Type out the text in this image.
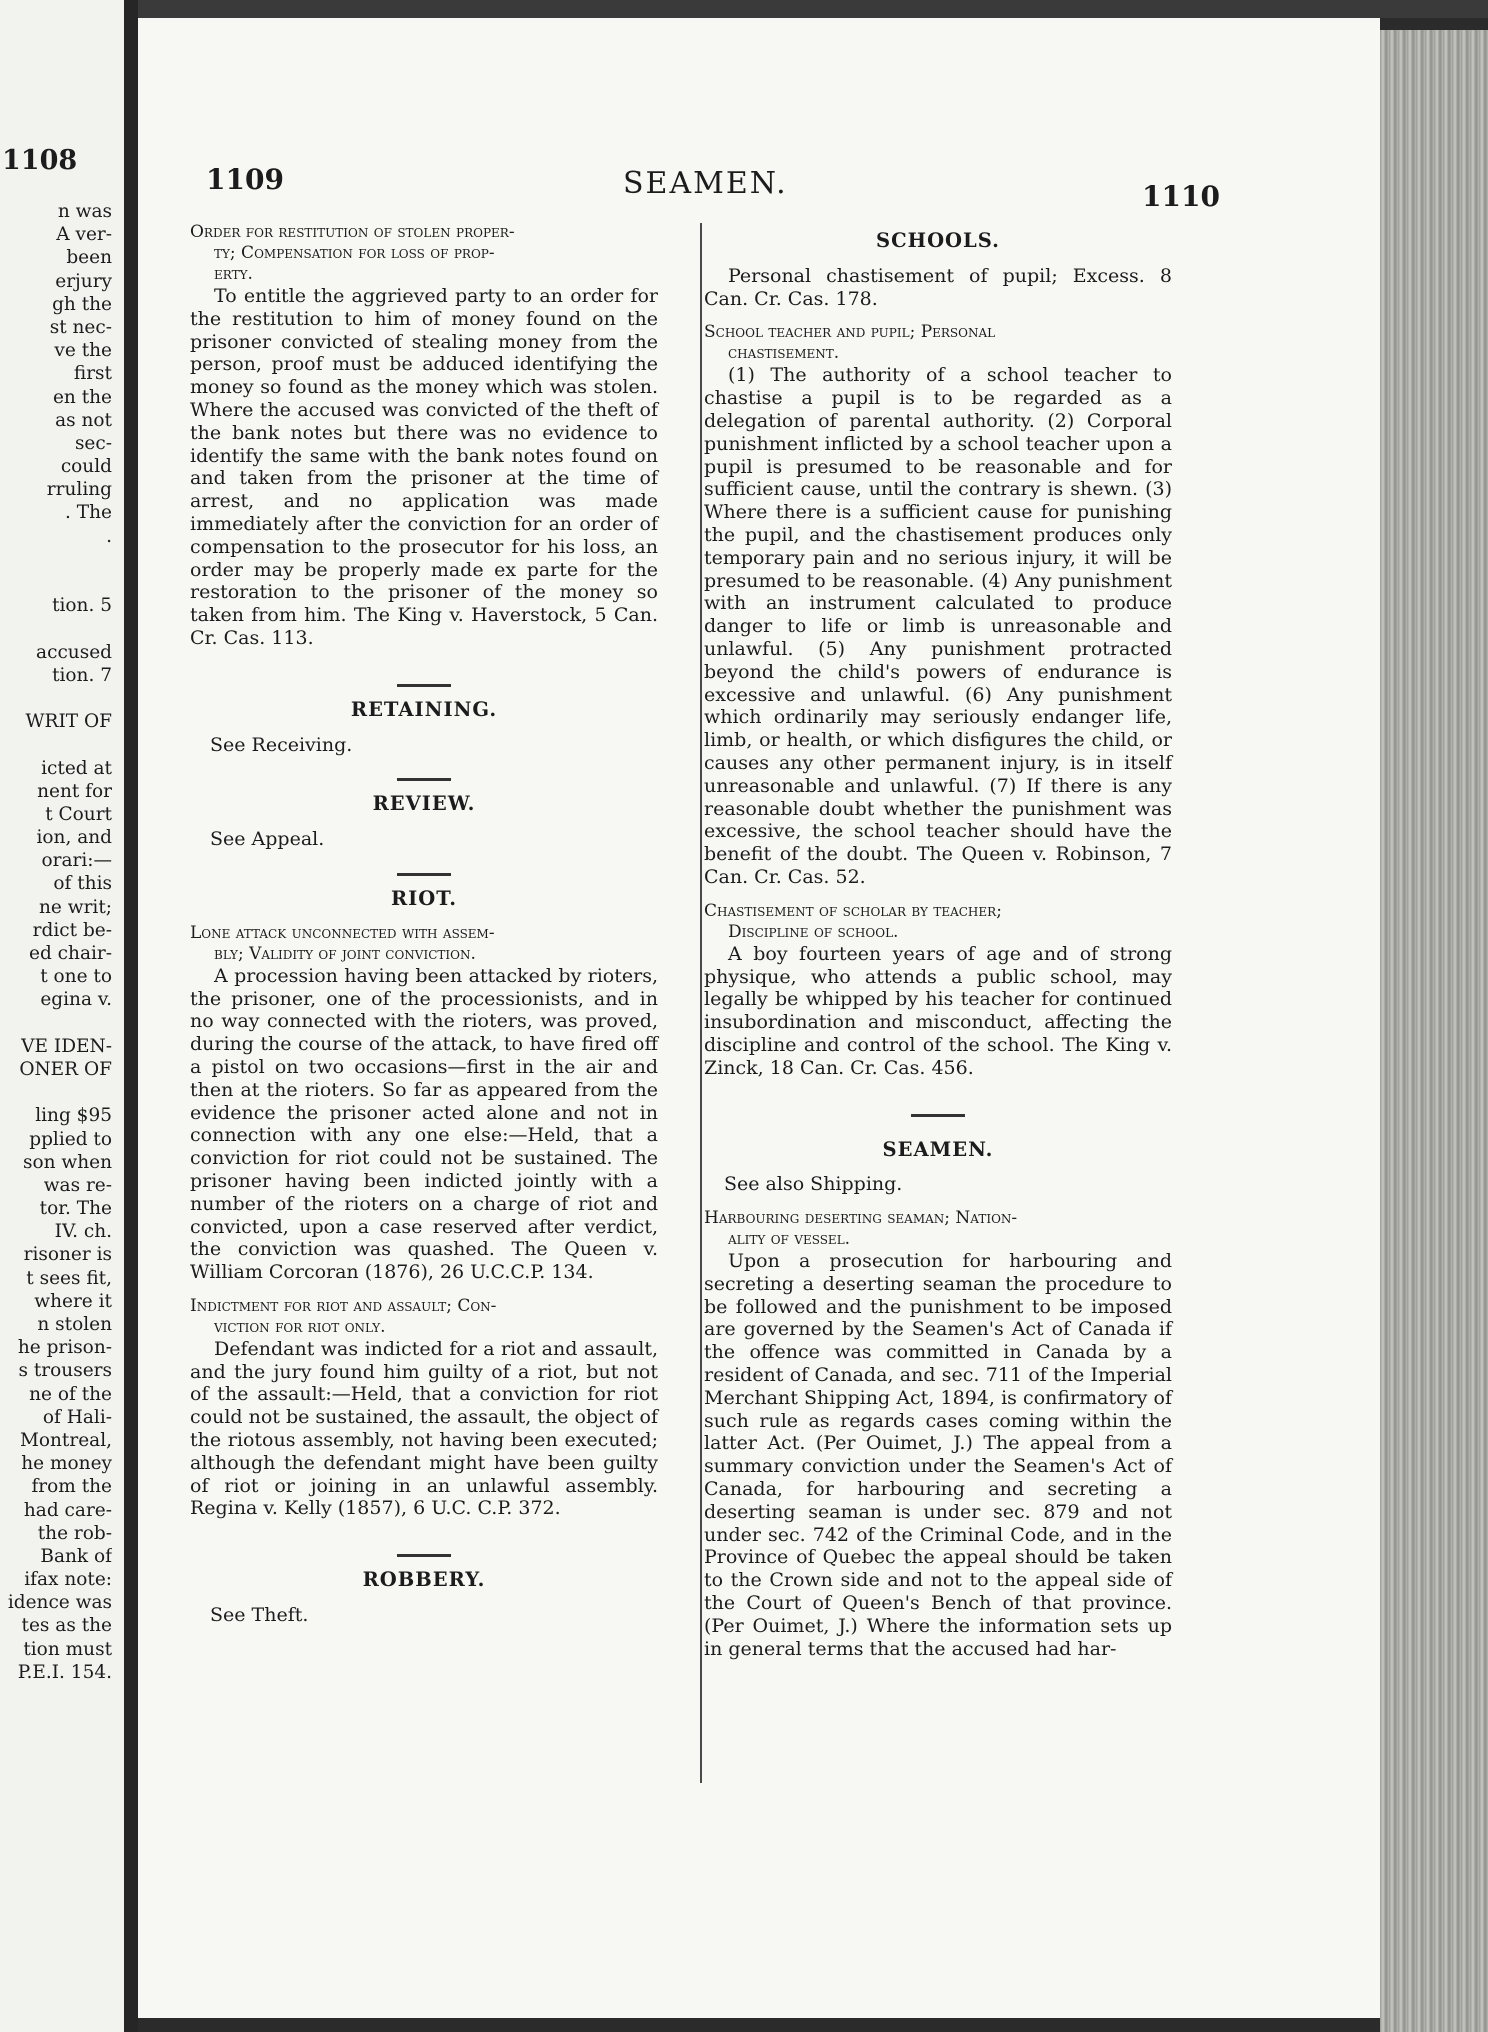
1108
n was
A ver-
been
erjury
gh the
st nec-
ve the
first
en the
as not
sec-
could
rruling
. The
.
tion. 5
accused
tion. 7
WRIT OF
icted at
nent for
t Court
ion, and
orari:—
of this
ne writ;
rdict be-
ed chair-
t one to
egina v.
VE IDEN-
ONER OF
ling $95
pplied to
son when
was re-
tor. The
IV. ch.
risoner is
t sees fit,
where it
n stolen
he prison-
s trousers
ne of the
of Hali-
Montreal,
he money
from the
had care-
the rob-
Bank of
ifax note:
idence was
tes as the
tion must
P.E.I. 154.
1109	SEAMEN.	1110

Order for restitution of stolen proper-
ty; Compensation for loss of prop-
erty.

To entitle the aggrieved party to an order for the restitution to him of money found on the prisoner convicted of stealing money from the person, proof must be adduced identifying the money so found as the money which was stolen. Where the accused was convicted of the theft of the bank notes but there was no evidence to identify the same with the bank notes found on and taken from the prisoner at the time of arrest, and no application was made immediately after the conviction for an order of compensation to the prosecutor for his loss, an order may be properly made ex parte for the restoration to the prisoner of the money so taken from him. The King v. Haverstock, 5 Can. Cr. Cas. 113.

RETAINING.

See Receiving.

REVIEW.

See Appeal.

RIOT.

Lone attack unconnected with assem-
bly; Validity of joint conviction.

A procession having been attacked by rioters, the prisoner, one of the processionists, and in no way connected with the rioters, was proved, during the course of the attack, to have fired off a pistol on two occasions—first in the air and then at the rioters. So far as appeared from the evidence the prisoner acted alone and not in connection with any one else:—Held, that a conviction for riot could not be sustained. The prisoner having been indicted jointly with a number of the rioters on a charge of riot and convicted, upon a case reserved after verdict, the conviction was quashed. The Queen v. William Corcoran (1876), 26 U.C.C.P. 134.

Indictment for riot and assault; Con-
viction for riot only.

Defendant was indicted for a riot and assault, and the jury found him guilty of a riot, but not of the assault:—Held, that a conviction for riot could not be sustained, the assault, the object of the riotous assembly, not having been executed; although the defendant might have been guilty of riot or joining in an unlawful assembly. Regina v. Kelly (1857), 6 U.C. C.P. 372.

ROBBERY.

See Theft.

SCHOOLS.

Personal chastisement of pupil; Excess. 8 Can. Cr. Cas. 178.

School teacher and pupil; Personal
chastisement.

(1) The authority of a school teacher to chastise a pupil is to be regarded as a delegation of parental authority. (2) Corporal punishment inflicted by a school teacher upon a pupil is presumed to be reasonable and for sufficient cause, until the contrary is shewn. (3) Where there is a sufficient cause for punishing the pupil, and the chastisement produces only temporary pain and no serious injury, it will be presumed to be reasonable. (4) Any punishment with an instrument calculated to produce danger to life or limb is unreasonable and unlawful. (5) Any punishment protracted beyond the child's powers of endurance is excessive and unlawful. (6) Any punishment which ordinarily may seriously endanger life, limb, or health, or which disfigures the child, or causes any other permanent injury, is in itself unreasonable and unlawful. (7) If there is any reasonable doubt whether the punishment was excessive, the school teacher should have the benefit of the doubt. The Queen v. Robinson, 7 Can. Cr. Cas. 52.

Chastisement of scholar by teacher;
Discipline of school.

A boy fourteen years of age and of strong physique, who attends a public school, may legally be whipped by his teacher for continued insubordination and misconduct, affecting the discipline and control of the school. The King v. Zinck, 18 Can. Cr. Cas. 456.

SEAMEN.

See also Shipping.

Harbouring deserting seaman; Nation-
ality of vessel.

Upon a prosecution for harbouring and secreting a deserting seaman the procedure to be followed and the punishment to be imposed are governed by the Seamen's Act of Canada if the offence was committed in Canada by a resident of Canada, and sec. 711 of the Imperial Merchant Shipping Act, 1894, is confirmatory of such rule as regards cases coming within the latter Act. (Per Ouimet, J.) The appeal from a summary conviction under the Seamen's Act of Canada, for harbouring and secreting a deserting seaman is under sec. 879 and not under sec. 742 of the Criminal Code, and in the Province of Quebec the appeal should be taken to the Crown side and not to the appeal side of the Court of Queen's Bench of that province. (Per Ouimet, J.) Where the information sets up in general terms that the accused had har-
